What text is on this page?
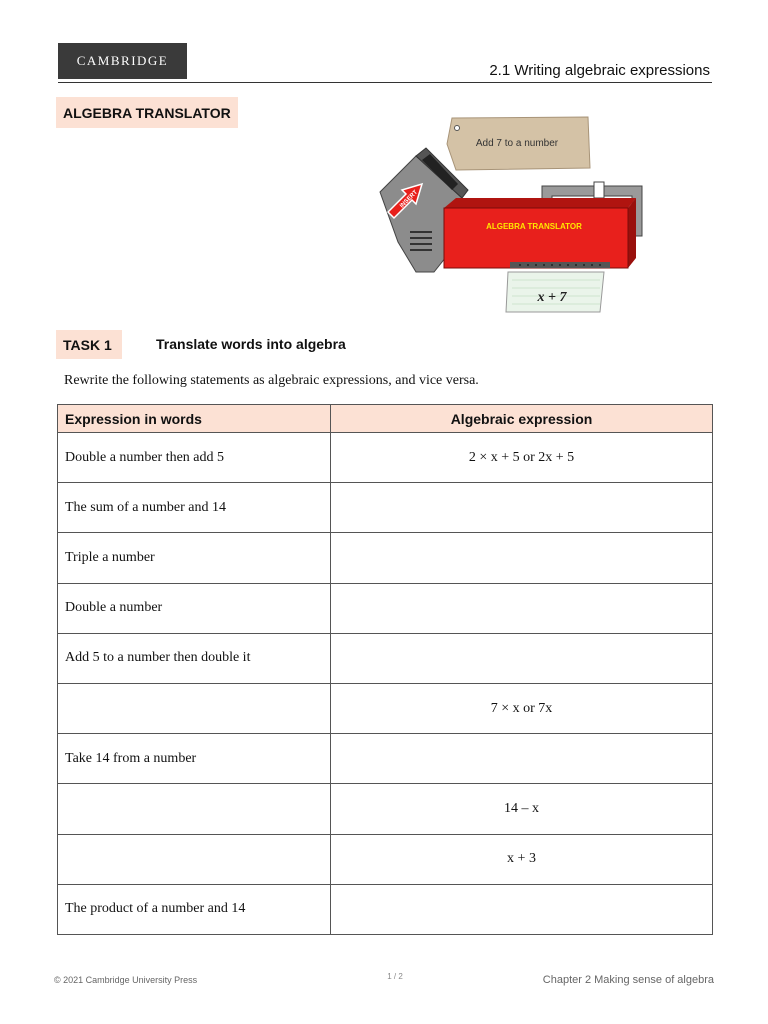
CAMBRIDGE
2.1 Writing algebraic expressions
ALGEBRA TRANSLATOR
Add 7 to a number
INSERT
ALGEBRA TRANSLATOR
x + 7
TASK 1	Translate words into algebra
Rewrite the following statements as algebraic expressions, and vice versa.
Expression in words	Algebraic expression
Double a number then add 5	2 × x + 5 or 2x + 5
The sum of a number and 14	
Triple a number	
Double a number	
Add 5 to a number then double it	
	7 × x or 7x
Take 14 from a number	
	14 – x
	x + 3
The product of a number and 14	
© 2021 Cambridge University Press	1 / 2	Chapter 2 Making sense of algebra
